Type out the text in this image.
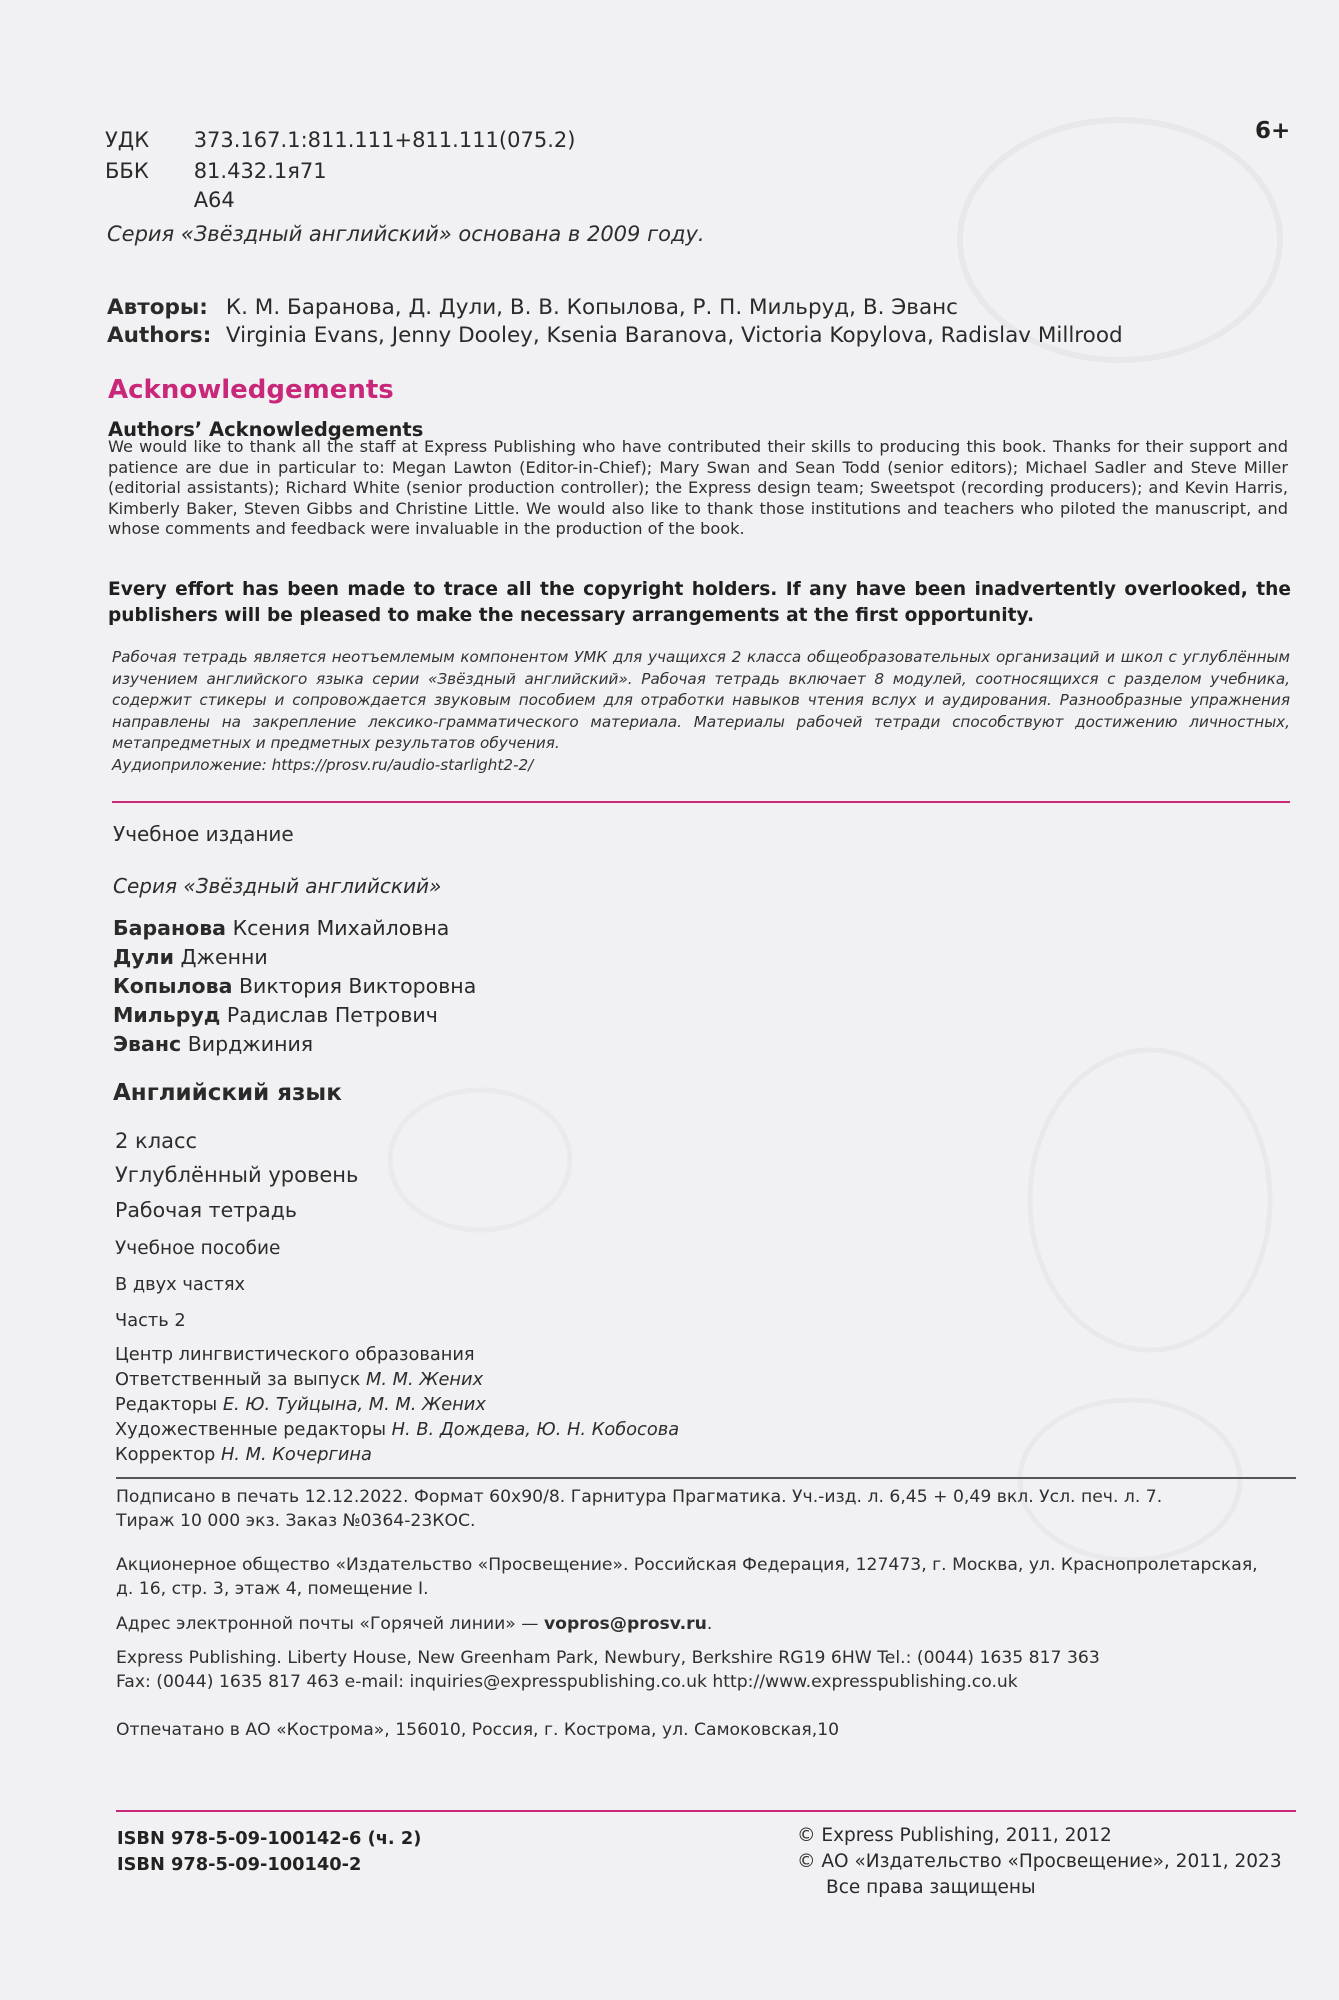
УДК 373.167.1:811.111+811.111(075.2)
ББК 81.432.1я71
А64
6+
Серия «Звёздный английский» основана в 2009 году.
Авторы: К. М. Баранова, Д. Дули, В. В. Копылова, Р. П. Мильруд, В. Эванс
Authors: Virginia Evans, Jenny Dooley, Ksenia Baranova, Victoria Kopylova, Radislav Millrood
Acknowledgements
Authors’ Acknowledgements
We would like to thank all the staff at Express Publishing who have contributed their skills to producing this book. Thanks for their support and patience are due in particular to: Megan Lawton (Editor-in-Chief); Mary Swan and Sean Todd (senior editors); Michael Sadler and Steve Miller (editorial assistants); Richard White (senior production controller); the Express design team; Sweetspot (recording producers); and Kevin Harris, Kimberly Baker, Steven Gibbs and Christine Little. We would also like to thank those institutions and teachers who piloted the manuscript, and whose comments and feedback were invaluable in the production of the book.
Every effort has been made to trace all the copyright holders. If any have been inadvertently overlooked, the publishers will be pleased to make the necessary arrangements at the first opportunity.
Рабочая тетрадь является неотъемлемым компонентом УМК для учащихся 2 класса общеобразовательных организаций и школ с углублённым изучением английского языка серии «Звёздный английский». Рабочая тетрадь включает 8 модулей, соотносящихся с разделом учебника, содержит стикеры и сопровождается звуковым пособием для отработки навыков чтения вслух и аудирования. Разнообразные упражнения направлены на закрепление лексико-грамматического материала. Материалы рабочей тетради способствуют достижению личностных, метапредметных и предметных результатов обучения.
Аудиоприложение: https://prosv.ru/audio-starlight2-2/
Учебное издание
Серия «Звёздный английский»
Баранова Ксения Михайловна
Дули Дженни
Копылова Виктория Викторовна
Мильруд Радислав Петрович
Эванс Вирджиния
Английский язык
2 класс
Углублённый уровень
Рабочая тетрадь
Учебное пособие
В двух частях
Часть 2
Центр лингвистического образования
Ответственный за выпуск М. М. Жених
Редакторы Е. Ю. Туйцына, М. М. Жених
Художественные редакторы Н. В. Дождева, Ю. Н. Кобосова
Корректор Н. М. Кочергина
Подписано в печать 12.12.2022. Формат 60x90/8. Гарнитура Прагматика. Уч.-изд. л. 6,45 + 0,49 вкл. Усл. печ. л. 7.
Тираж 10 000 экз. Заказ №0364-23КОС.
Акционерное общество «Издательство «Просвещение». Российская Федерация, 127473, г. Москва, ул. Краснопролетарская,
д. 16, стр. 3, этаж 4, помещение I.
Адрес электронной почты «Горячей линии» — vopros@prosv.ru.
Express Publishing. Liberty House, New Greenham Park, Newbury, Berkshire RG19 6HW Tel.: (0044) 1635 817 363
Fax: (0044) 1635 817 463 e-mail: inquiries@expresspublishing.co.uk http://www.expresspublishing.co.uk
Отпечатано в АО «Кострома», 156010, Россия, г. Кострома, ул. Самоковская,10
ISBN 978-5-09-100142-6 (ч. 2)
ISBN 978-5-09-100140-2
© Express Publishing, 2011, 2012
© АО «Издательство «Просвещение», 2011, 2023
Все права защищены
